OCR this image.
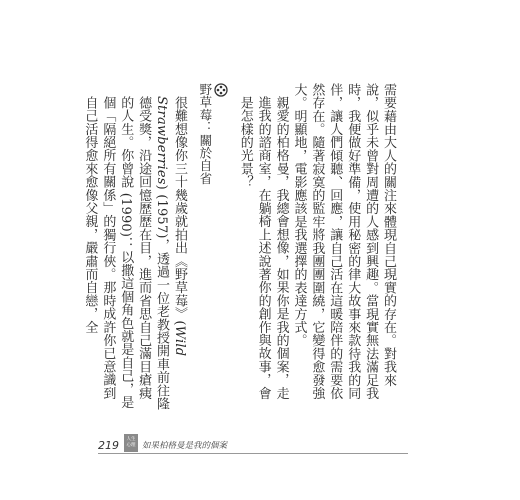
需要藉由大人的關注來體現自己現實的存在。對我來說，似乎未曾對周遭的人感到興趣。當現實無法滿足我時，我便做好準備，使用秘密的律大故事來款待我的同伴，讓人們傾聽、回應，讓自己活在這暖陪伴的需要依然存在。隨著寂寞的監牢將我團團圍繞，它變得愈發強大。明顯地，電影應該是我選擇的表達方式。

親愛的柏格曼，我總會想像，如果你是我的個案，走進我的諮商室，在躺椅上述說著你的創作與故事，會是怎樣的光景？

野草莓：關於自省

很難想像你三十幾歲就拍出《野草莓》(Wild Strawberries) (1957)，透過一位老教授開車前往隆德受獎，沿途回憶歷歷在目，進而省思自己滿目瘡痍的人生。你曾說 (1990)：以撒這個角色就是自己，是個「隔絕所有關係」的獨行俠。那時成許你已意識到自己活得愈來愈像父親，嚴肅而自戀，全

219	人生
心理 如果柏格曼是我的個案
